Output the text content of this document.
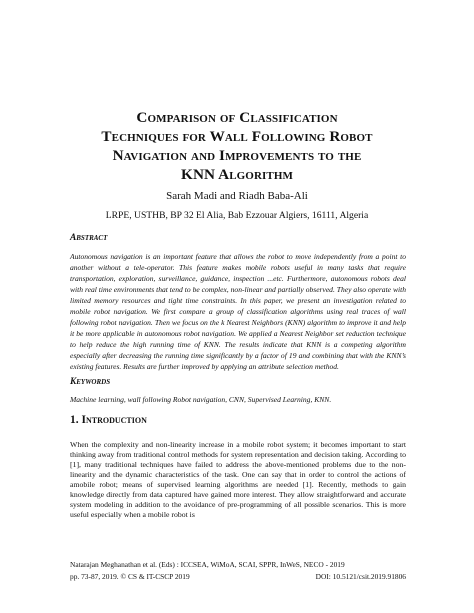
Comparison of Classification
Techniques for Wall Following Robot
Navigation and Improvements to the
KNN Algorithm
Sarah Madi and Riadh Baba-Ali
LRPE, USTHB, BP 32 El Alia, Bab Ezzouar Algiers, 16111, Algeria
Abstract
Autonomous navigation is an important feature that allows the robot to move independently from a point to another without a tele-operator. This feature makes mobile robots useful in many tasks that require transportation, exploration, surveillance, guidance, inspection ...etc. Furthermore, autonomous robots deal with real time environments that tend to be complex, non-linear and partially observed. They also operate with limited memory resources and tight time constraints. In this paper, we present an investigation related to mobile robot navigation. We first compare a group of classification algorithms using real traces of wall following robot navigation. Then we focus on the k Nearest Neighbors (KNN) algorithm to improve it and help it be more applicable in autonomous robot navigation. We applied a Nearest Neighbor set reduction technique to help reduce the high running time of KNN. The results indicate that KNN is a competing algorithm especially after decreasing the running time significantly by a factor of 19 and combining that with the KNN’s existing features. Results are further improved by applying an attribute selection method.
Keywords
Machine learning, wall following Robot navigation, CNN, Supervised Learning, KNN.
1. Introduction
When the complexity and non-linearity increase in a mobile robot system; it becomes important to start thinking away from traditional control methods for system representation and decision taking. According to [1], many traditional techniques have failed to address the above-mentioned problems due to the non-linearity and the dynamic characteristics of the task. One can say that in order to control the actions of amobile robot; means of supervised learning algorithms are needed [1]. Recently, methods to gain knowledge directly from data captured have gained more interest. They allow straightforward and accurate system modeling in addition to the avoidance of pre-programming of all possible scenarios. This is more useful especially when a mobile robot is
Natarajan Meghanathan et al. (Eds) : ICCSEA, WiMoA, SCAI, SPPR, InWeS, NECO - 2019
pp. 73-87, 2019. © CS & IT-CSCP 2019	DOI: 10.5121/csit.2019.91806
